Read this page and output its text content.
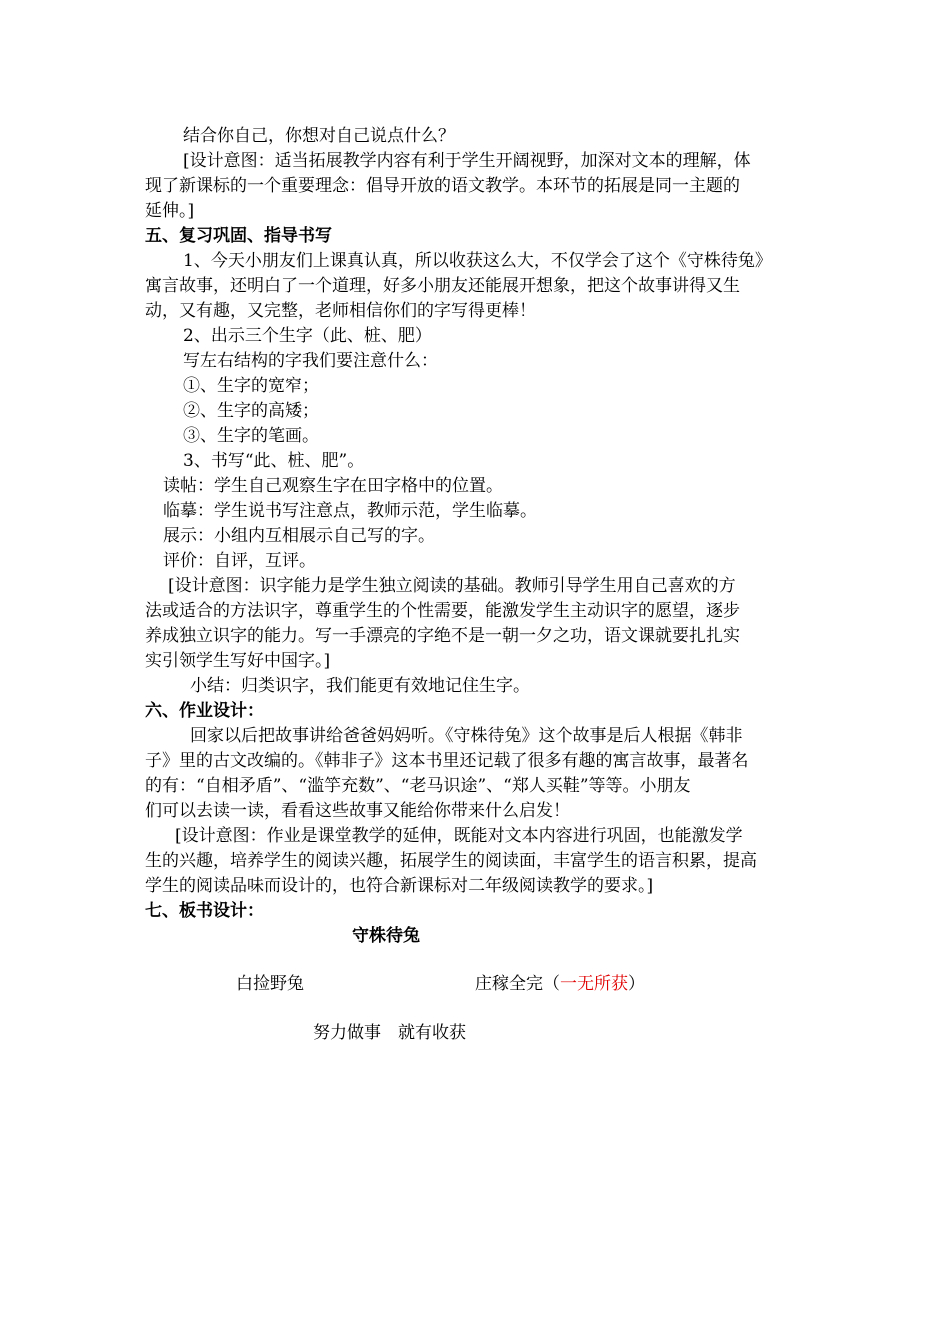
结合你自己，你想对自己说点什么？
[设计意图：适当拓展教学内容有利于学生开阔视野，加深对文本的理解，体
现了新课标的一个重要理念：倡导开放的语文教学。本环节的拓展是同一主题的
延伸。]
五、复习巩固、指导书写
1、今天小朋友们上课真认真，所以收获这么大，不仅学会了这个《守株待兔》
寓言故事，还明白了一个道理，好多小朋友还能展开想象，把这个故事讲得又生
动，又有趣，又完整，老师相信你们的字写得更棒！
2、出示三个生字（此、桩、肥）
写左右结构的字我们要注意什么：
①、生字的宽窄；
②、生字的高矮；
③、生字的笔画。
3、书写“此、桩、肥”。
读帖：学生自己观察生字在田字格中的位置。
临摹：学生说书写注意点，教师示范，学生临摹。
展示：小组内互相展示自己写的字。
评价：自评，互评。
[设计意图：识字能力是学生独立阅读的基础。教师引导学生用自己喜欢的方
法或适合的方法识字，尊重学生的个性需要，能激发学生主动识字的愿望，逐步
养成独立识字的能力。写一手漂亮的字绝不是一朝一夕之功，语文课就要扎扎实
实引领学生写好中国字。]
小结：归类识字，我们能更有效地记住生字。
六、作业设计：
回家以后把故事讲给爸爸妈妈听。《守株待兔》这个故事是后人根据《韩非
子》里的古文改编的。《韩非子》这本书里还记载了很多有趣的寓言故事，最著名
的有：“自相矛盾”、“滥竽充数”、“老马识途”、“郑人买鞋”等等。小朋友
们可以去读一读，看看这些故事又能给你带来什么启发！
[设计意图：作业是课堂教学的延伸，既能对文本内容进行巩固，也能激发学
生的兴趣，培养学生的阅读兴趣，拓展学生的阅读面，丰富学生的语言积累，提高
学生的阅读品味而设计的，也符合新课标对二年级阅读教学的要求。]
七、板书设计：
守株待兔
白捡野兔	庄稼全完（一无所获）
努力做事　就有收获
